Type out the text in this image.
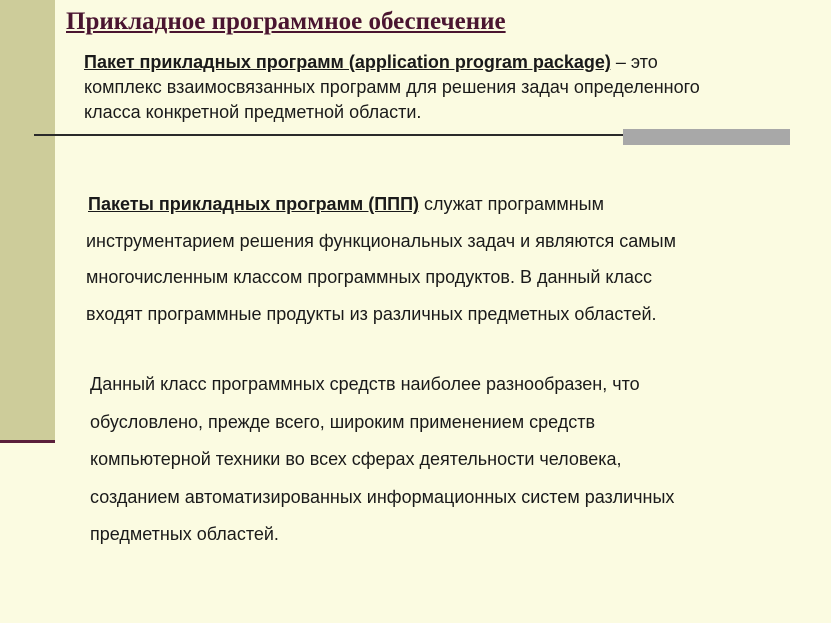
Прикладное программное обеспечение
Пакет прикладных программ (application program package) – это
комплекс взаимосвязанных программ для решения задач определенного
класса конкретной предметной области.
Пакеты прикладных программ (ППП) служат программным
инструментарием решения функциональных задач и являются самым
многочисленным классом программных продуктов. В данный класс
входят программные продукты из различных предметных областей.
Данный класс программных средств наиболее разнообразен, что
обусловлено, прежде всего, широким применением средств
компьютерной техники во всех сферах деятельности человека,
созданием автоматизированных информационных систем различных
предметных областей.
